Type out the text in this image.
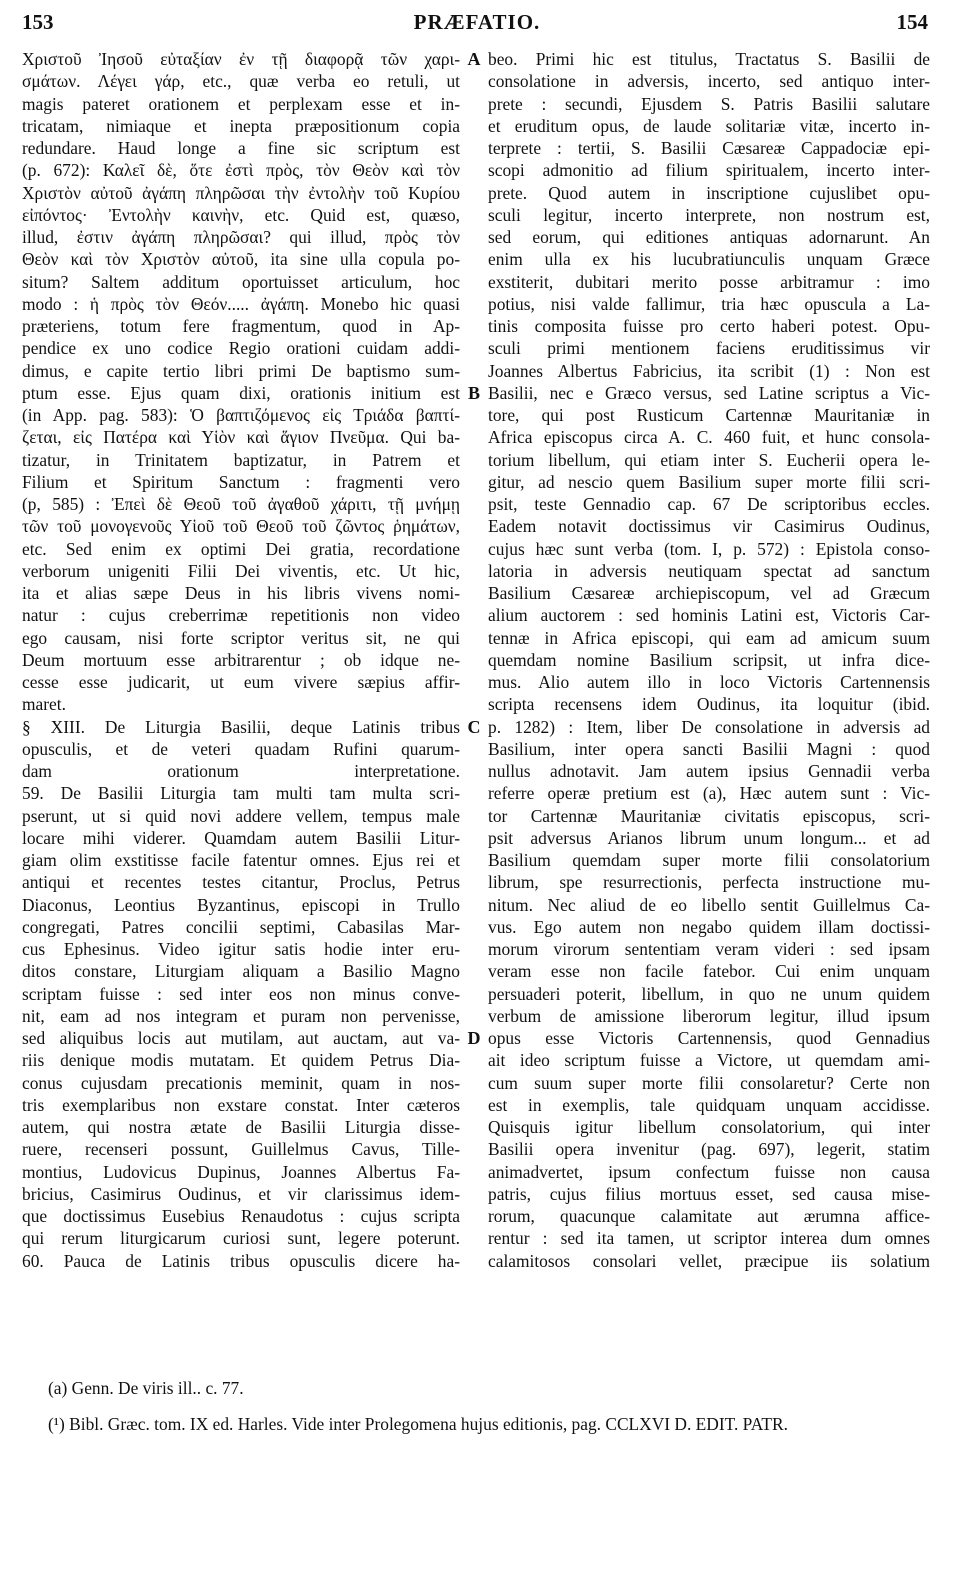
153	PRÆFATIO.	154
Χριστοῦ Ἰησοῦ εὐταξίαν ἐν τῇ διαφορᾷ τῶν χαρι-
σμάτων. Λέγει γάρ, etc., quæ verba eo retuli, ut
magis pateret orationem et perplexam esse et in-
tricatam, nimiaque et inepta præpositionum copia
redundare. Haud longe a fine sic scriptum est
(p. 672): Καλεῖ δὲ, ὅτε ἐστὶ πρὸς, τὸν Θεὸν καὶ τὸν
Χριστὸν αὐτοῦ ἀγάπη πληρῶσαι τὴν ἐντολὴν τοῦ Κυρίου
εἰπόντος· Ἐντολὴν καινὴν, etc. Quid est, quæso,
illud, ἐστιν ἀγάπη πληρῶσαι? qui illud, πρὸς τὸν
Θεὸν καὶ τὸν Χριστὸν αὐτοῦ, ita sine ulla copula po-
situm? Saltem additum oportuisset articulum, hoc
modo : ἡ πρὸς τὸν Θεόν..... ἀγάπη. Monebo hic quasi
præteriens, totum fere fragmentum, quod in Ap-
pendice ex uno codice Regio orationi cuidam addi-
dimus, e capite tertio libri primi De baptismo sum-
ptum esse. Ejus quam dixi, orationis initium est
(in App. pag. 583): Ὁ βαπτιζόμενος εἰς Τριάδα βαπτί-
ζεται, εἰς Πατέρα καὶ Υἱὸν καὶ ἅγιον Πνεῦμα. Qui ba-
tizatur, in Trinitatem baptizatur, in Patrem et
Filium et Spiritum Sanctum : fragmenti vero
(p, 585) : Ἐπεὶ δὲ Θεοῦ τοῦ ἀγαθοῦ χάριτι, τῇ μνήμῃ
τῶν τοῦ μονογενοῦς Υἱοῦ τοῦ Θεοῦ τοῦ ζῶντος ῥημάτων,
etc. Sed enim ex optimi Dei gratia, recordatione
verborum unigeniti Filii Dei viventis, etc. Ut hic,
ita et alias sæpe Deus in his libris vivens nomi-
natur : cujus creberrimæ repetitionis non video
ego causam, nisi forte scriptor veritus sit, ne qui
Deum mortuum esse arbitrarentur ; ob idque ne-
cesse esse judicarit, ut eum vivere sæpius affir-
maret.
§ XIII. De Liturgia Basilii, deque Latinis tribus
opusculis, et de veteri quadam Rufini quarum-
dam orationum interpretatione.
59. De Basilii Liturgia tam multi tam multa scri-
pserunt, ut si quid novi addere vellem, tempus male
locare mihi viderer. Quamdam autem Basilii Litur-
giam olim exstitisse facile fatentur omnes. Ejus rei et
antiqui et recentes testes citantur, Proclus, Petrus
Diaconus, Leontius Byzantinus, episcopi in Trullo
congregati, Patres concilii septimi, Cabasilas Mar-
cus Ephesinus. Video igitur satis hodie inter eru-
ditos constare, Liturgiam aliquam a Basilio Magno
scriptam fuisse : sed inter eos non minus conve-
nit, eam ad nos integram et puram non pervenisse,
sed aliquibus locis aut mutilam, aut auctam, aut va-
riis denique modis mutatam. Et quidem Petrus Dia-
conus cujusdam precationis meminit, quam in nos-
tris exemplaribus non exstare constat. Inter cæteros
autem, qui nostra ætate de Basilii Liturgia disse-
ruere, recenseri possunt, Guillelmus Cavus, Tille-
montius, Ludovicus Dupinus, Joannes Albertus Fa-
bricius, Casimirus Oudinus, et vir clarissimus idem-
que doctissimus Eusebius Renaudotus : cujus scripta
qui rerum liturgicarum curiosi sunt, legere poterunt.
60. Pauca de Latinis tribus opusculis dicere ha-
A
B
C
D
beo. Primi hic est titulus, Tractatus S. Basilii de
consolatione in adversis, incerto, sed antiquo inter-
prete : secundi, Ejusdem S. Patris Basilii salutare
et eruditum opus, de laude solitariæ vitæ, incerto in-
terprete : tertii, S. Basilii Cæsareæ Cappadociæ epi-
scopi admonitio ad filium spiritualem, incerto inter-
prete. Quod autem in inscriptione cujuslibet opu-
sculi legitur, incerto interprete, non nostrum est,
sed eorum, qui editiones antiquas adornarunt. An
enim ulla ex his lucubratiunculis unquam Græce
exstiterit, dubitari merito posse arbitramur : imo
potius, nisi valde fallimur, tria hæc opuscula a La-
tinis composita fuisse pro certo haberi potest. Opu-
sculi primi mentionem faciens eruditissimus vir
Joannes Albertus Fabricius, ita scribit (1) : Non est
Basilii, nec e Græco versus, sed Latine scriptus a Vic-
tore, qui post Rusticum Cartennæ Mauritaniæ in
Africa episcopus circa A. C. 460 fuit, et hunc consola-
torium libellum, qui etiam inter S. Eucherii opera le-
gitur, ad nescio quem Basilium super morte filii scri-
psit, teste Gennadio cap. 67 De scriptoribus eccles.
Eadem notavit doctissimus vir Casimirus Oudinus,
cujus hæc sunt verba (tom. I, p. 572) : Epistola conso-
latoria in adversis neutiquam spectat ad sanctum
Basilium Cæsareæ archiepiscopum, vel ad Græcum
alium auctorem : sed hominis Latini est, Victoris Car-
tennæ in Africa episcopi, qui eam ad amicum suum
quemdam nomine Basilium scripsit, ut infra dice-
mus. Alio autem illo in loco Victoris Cartennensis
scripta recensens idem Oudinus, ita loquitur (ibid.
p. 1282) : Item, liber De consolatione in adversis ad
Basilium, inter opera sancti Basilii Magni : quod
nullus adnotavit. Jam autem ipsius Gennadii verba
referre operæ pretium est (a), Hæc autem sunt : Vic-
tor Cartennæ Mauritaniæ civitatis episcopus, scri-
psit adversus Arianos librum unum longum... et ad
Basilium quemdam super morte filii consolatorium
librum, spe resurrectionis, perfecta instructione mu-
nitum. Nec aliud de eo libello sentit Guillelmus Ca-
vus. Ego autem non negabo quidem illam doctissi-
morum virorum sententiam veram videri : sed ipsam
veram esse non facile fatebor. Cui enim unquam
persuaderi poterit, libellum, in quo ne unum quidem
verbum de amissione liberorum legitur, illud ipsum
opus esse Victoris Cartennensis, quod Gennadius
ait ideo scriptum fuisse a Victore, ut quemdam ami-
cum suum super morte filii consolaretur? Certe non
est in exemplis, tale quidquam unquam accidisse.
Quisquis igitur libellum consolatorium, qui inter
Basilii opera invenitur (pag. 697), legerit, statim
animadvertet, ipsum confectum fuisse non causa
patris, cujus filius mortuus esset, sed causa mise-
rorum, quacunque calamitate aut ærumna affice-
rentur : sed ita tamen, ut scriptor interea dum omnes
calamitosos consolari vellet, præcipue iis solatium
(a) Genn. De viris ill.. c. 77.
(¹) Bibl. Græc. tom. IX ed. Harles. Vide inter Prolegomena hujus editionis, pag. CCLXVI D. EDIT. PATR.
